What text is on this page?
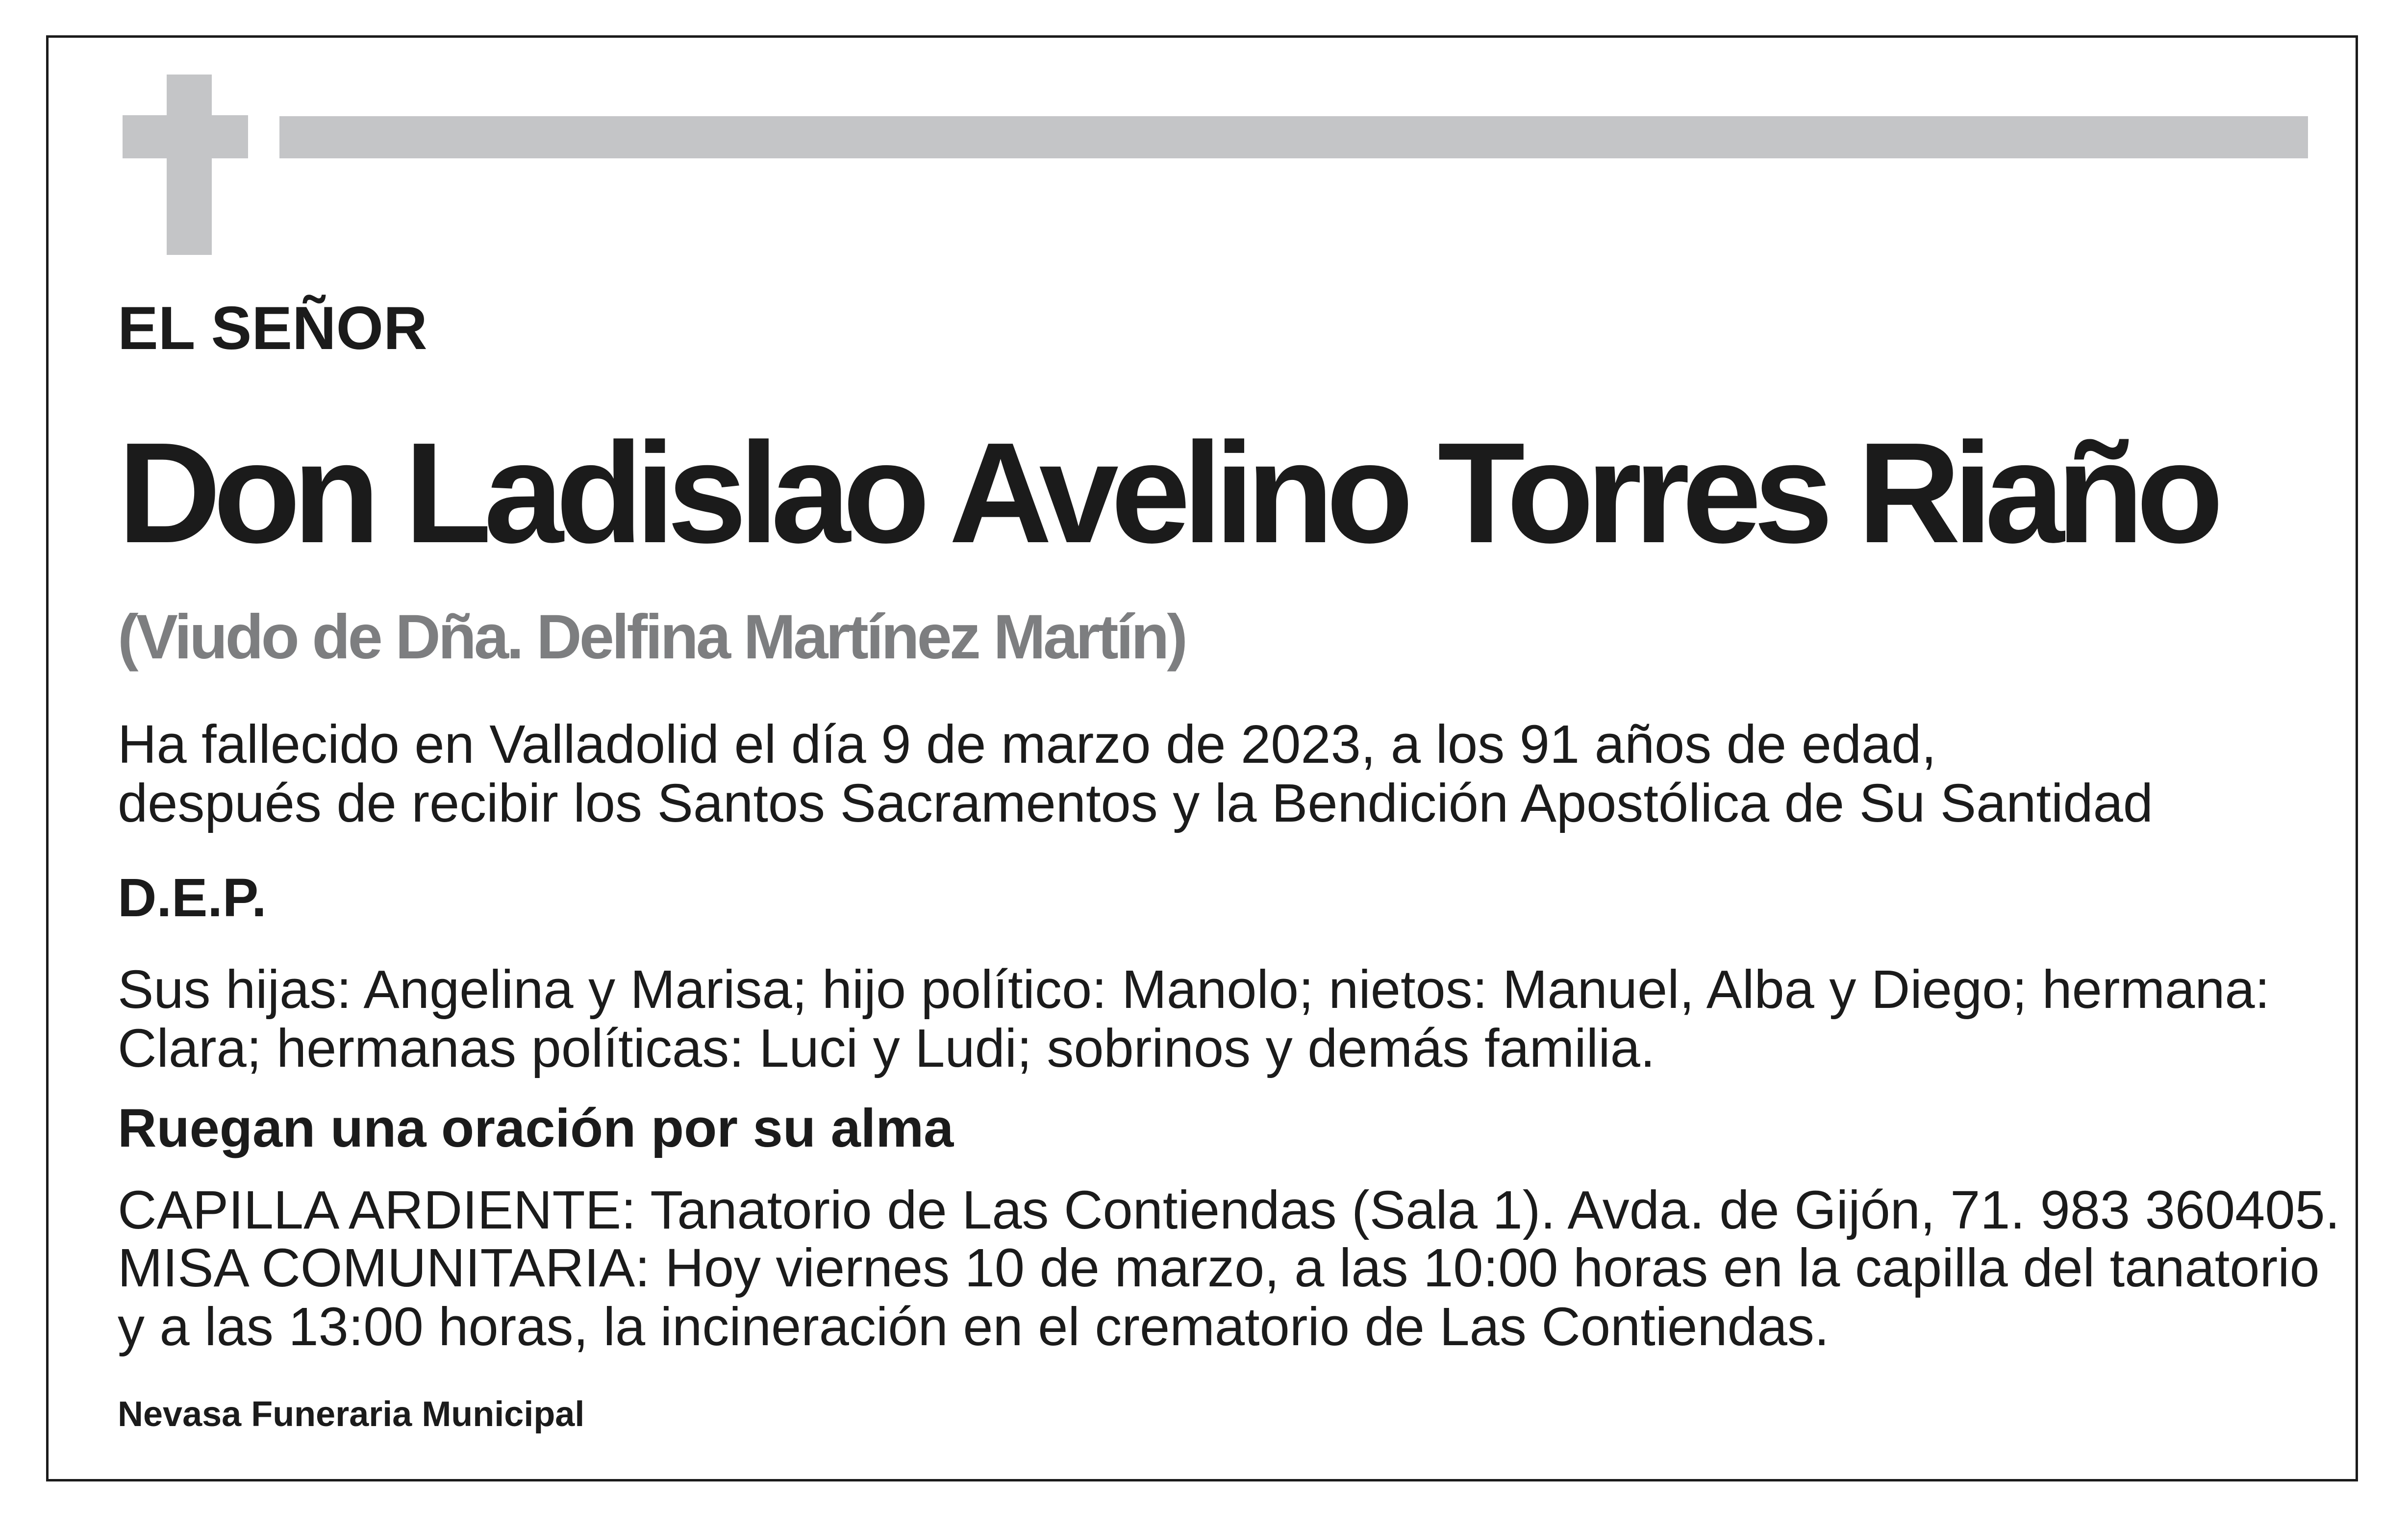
EL SEÑOR

Don Ladislao Avelino Torres Riaño

(Viudo de Dña. Delfina Martínez Martín)

Ha fallecido en Valladolid el día 9 de marzo de 2023, a los 91 años de edad,

después de recibir los Santos Sacramentos y la Bendición Apostólica de Su Santidad

D.E.P.

Sus hijas: Angelina y Marisa; hijo político: Manolo; nietos: Manuel, Alba y Diego; hermana:

Clara; hermanas políticas: Luci y Ludi; sobrinos y demás familia.

Ruegan una oración por su alma

CAPILLA ARDIENTE: Tanatorio de Las Contiendas (Sala 1). Avda. de Gijón, 71. 983 360405.

MISA COMUNITARIA: Hoy viernes 10 de marzo, a las 10:00 horas en la capilla del tanatorio

y a las 13:00 horas, la incineración en el crematorio de Las Contiendas.

Nevasa Funeraria Municipal
